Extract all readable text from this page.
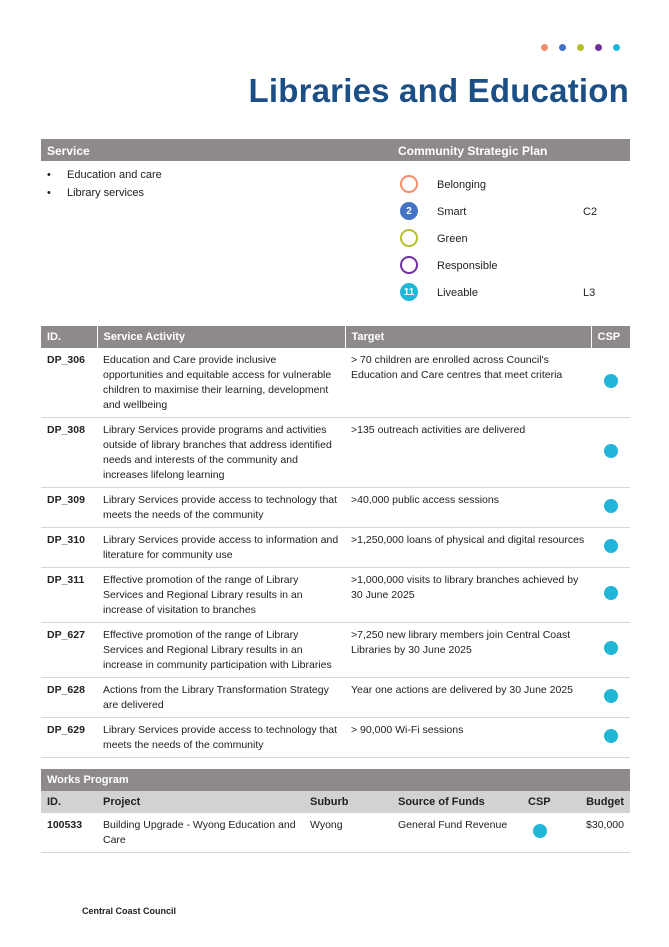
Libraries and Education
Service	Community Strategic Plan
• Education and care
• Library services
Belonging
2	Smart	C2
Green
Responsible
11	Liveable	L3
ID.	Service Activity	Target	CSP
DP_306	Education and Care provide inclusive opportunities and equitable access for vulnerable children to maximise their learning, development and wellbeing	> 70 children are enrolled across Council's Education and Care centres that meet criteria	
DP_308	Library Services provide programs and activities outside of library branches that address identified needs and interests of the community and increases lifelong learning	>135 outreach activities are delivered	
DP_309	Library Services provide access to technology that meets the needs of the community	>40,000 public access sessions	
DP_310	Library Services provide access to information and literature for community use	>1,250,000 loans of physical and digital resources	
DP_311	Effective promotion of the range of Library Services and Regional Library results in an increase of visitation to branches	>1,000,000 visits to library branches achieved by 30 June 2025	
DP_627	Effective promotion of the range of Library Services and Regional Library results in an increase in community participation with Libraries	>7,250 new library members join Central Coast Libraries by 30 June 2025	
DP_628	Actions from the Library Transformation Strategy are delivered	Year one actions are delivered by 30 June 2025	
DP_629	Library Services provide access to technology that meets the needs of the community	> 90,000 Wi-Fi sessions	
Works Program					
ID.	Project	Suburb	Source of Funds	CSP	Budget
100533	Building Upgrade - Wyong Education and Care	Wyong	General Fund Revenue		$30,000
Central Coast Council
